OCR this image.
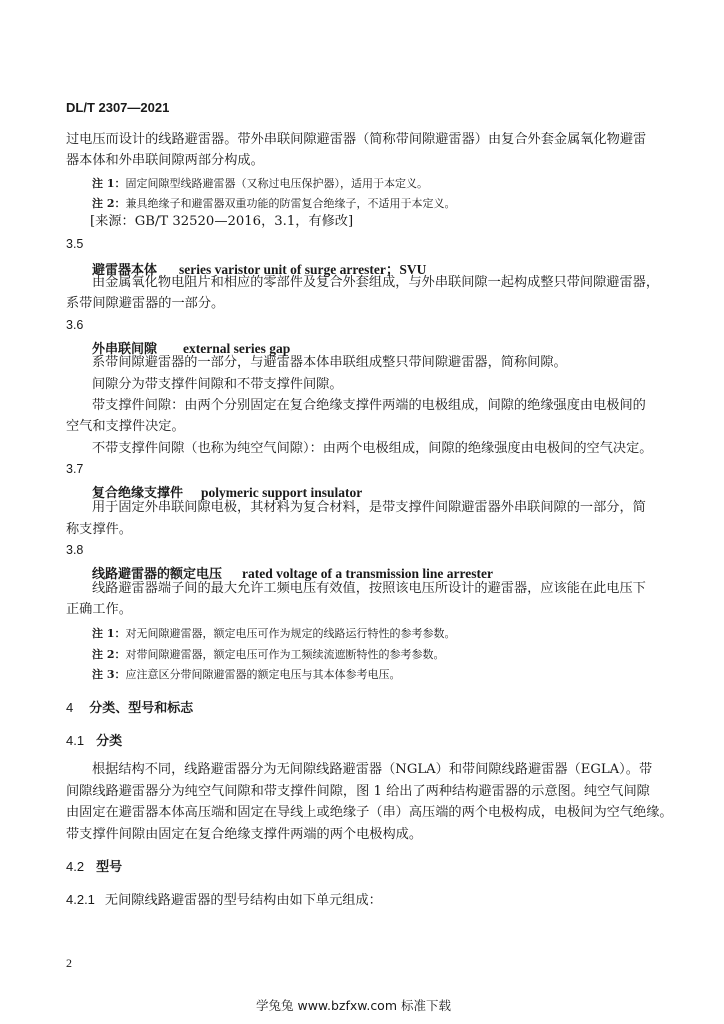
DL/T 2307—2021
过电压而设计的线路避雷器。带外串联间隙避雷器（简称带间隙避雷器）由复合外套金属氧化物避雷
器本体和外串联间隙两部分构成。
注 1：固定间隙型线路避雷器（又称过电压保护器），适用于本定义。
注 2：兼具绝缘子和避雷器双重功能的防雷复合绝缘子，不适用于本定义。
[来源：GB/T 32520—2016，3.1，有修改]
3.5
避雷器本体 series varistor unit of surge arrester；SVU
由金属氧化物电阻片和相应的零部件及复合外套组成，与外串联间隙一起构成整只带间隙避雷器，
系带间隙避雷器的一部分。
3.6
外串联间隙 external series gap
系带间隙避雷器的一部分，与避雷器本体串联组成整只带间隙避雷器，简称间隙。
间隙分为带支撑件间隙和不带支撑件间隙。
带支撑件间隙：由两个分别固定在复合绝缘支撑件两端的电极组成，间隙的绝缘强度由电极间的
空气和支撑件决定。
不带支撑件间隙（也称为纯空气间隙）：由两个电极组成，间隙的绝缘强度由电极间的空气决定。
3.7
复合绝缘支撑件 polymeric support insulator
用于固定外串联间隙电极，其材料为复合材料，是带支撑件间隙避雷器外串联间隙的一部分，简
称支撑件。
3.8
线路避雷器的额定电压 rated voltage of a transmission line arrester
线路避雷器端子间的最大允许工频电压有效值，按照该电压所设计的避雷器，应该能在此电压下
正确工作。
注 1：对无间隙避雷器，额定电压可作为规定的线路运行特性的参考参数。
注 2：对带间隙避雷器，额定电压可作为工频续流遮断特性的参考参数。
注 3：应注意区分带间隙避雷器的额定电压与其本体参考电压。
4 分类、型号和标志
4.1 分类
根据结构不同，线路避雷器分为无间隙线路避雷器（NGLA）和带间隙线路避雷器（EGLA）。带
间隙线路避雷器分为纯空气间隙和带支撑件间隙，图 1 给出了两种结构避雷器的示意图。纯空气间隙
由固定在避雷器本体高压端和固定在导线上或绝缘子（串）高压端的两个电极构成，电极间为空气绝缘。
带支撑件间隙由固定在复合绝缘支撑件两端的两个电极构成。
4.2 型号
4.2.1 无间隙线路避雷器的型号结构由如下单元组成：
2
学兔兔 www.bzfxw.com 标准下载
